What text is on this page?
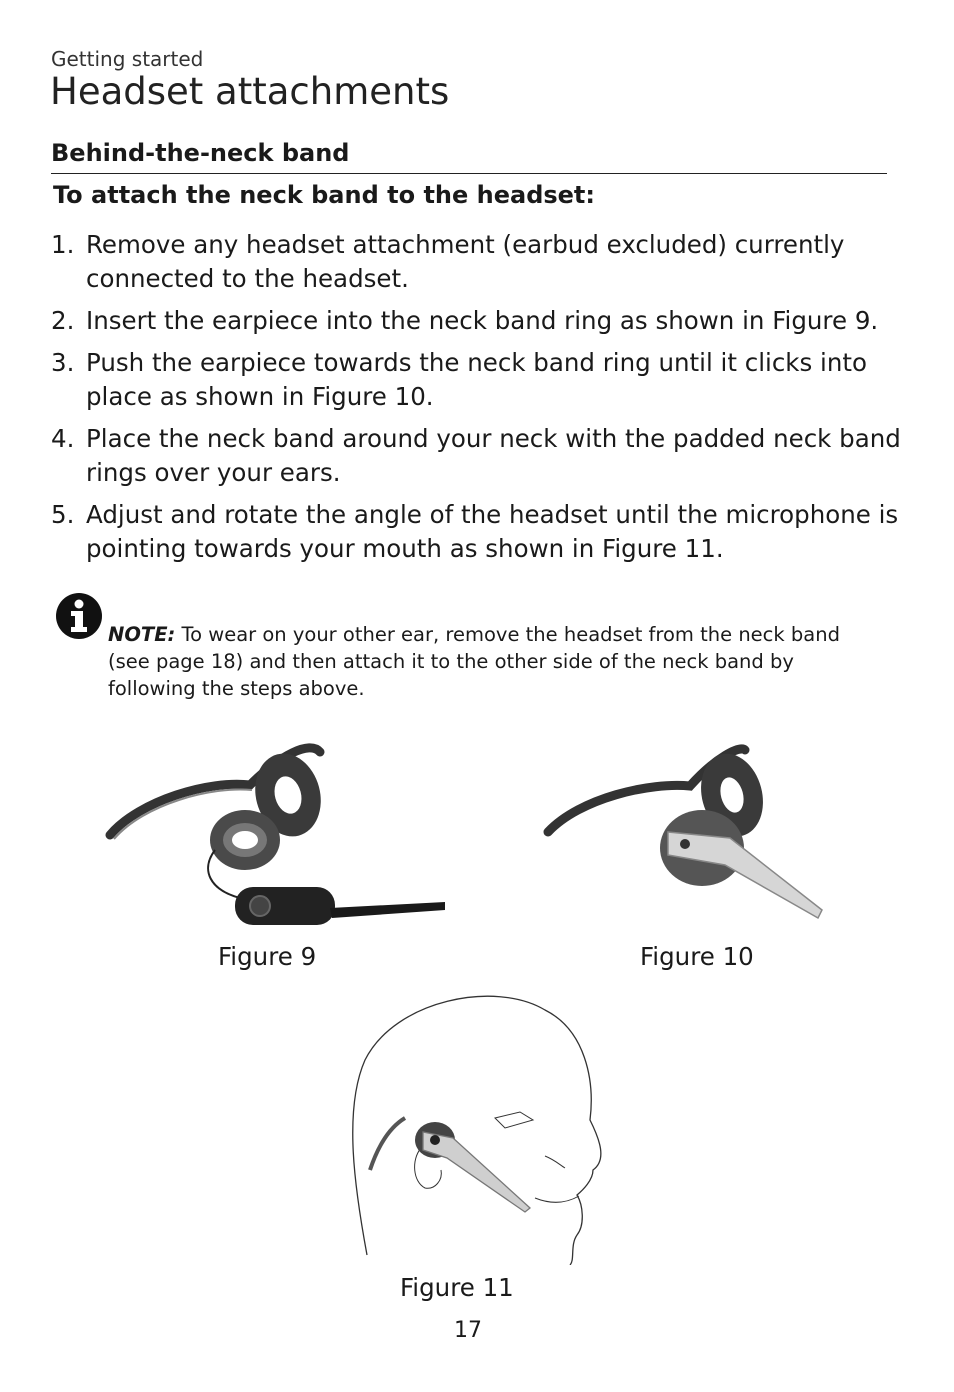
Getting started
Headset attachments
Behind-the-neck band
To attach the neck band to the headset:
1. Remove any headset attachment (earbud excluded) currently connected to the headset.
2. Insert the earpiece into the neck band ring as shown in Figure 9.
3. Push the earpiece towards the neck band ring until it clicks into place as shown in Figure 10.
4. Place the neck band around your neck with the padded neck band rings over your ears.
5. Adjust and rotate the angle of the headset until the microphone is pointing towards your mouth as shown in Figure 11.
NOTE: To wear on your other ear, remove the headset from the neck band (see page 18) and then attach it to the other side of the neck band by following the steps above.
Figure 9	Figure 10
Figure 11
17
